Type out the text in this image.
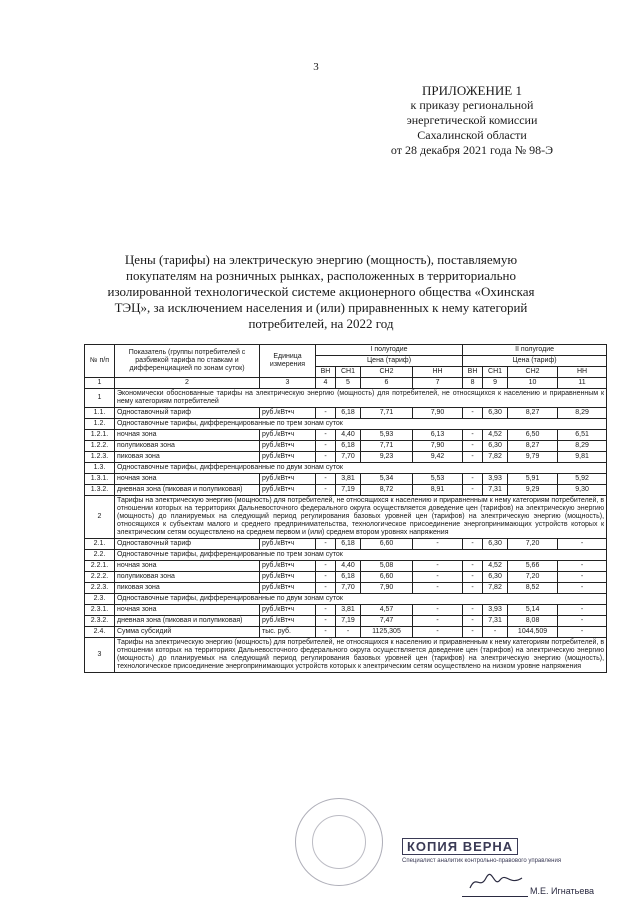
3
ПРИЛОЖЕНИЕ 1
к приказу региональной
энергетической комиссии
Сахалинской области
от 28 декабря 2021 года № 98-Э
Цены (тарифы) на электрическую энергию (мощность), поставляемую покупателям на розничных рынках, расположенных в территориально изолированной технологической системе акционерного общества «Охинская ТЭЦ», за исключением населения и (или) приравненных к нему категорий потребителей, на 2022 год
№ п/п	Показатель (группы потребителей с разбивкой тарифа по ставкам и дифференциацией по зонам суток)	Единица измерения	I полугодие				II полугодие			
			Цена (тариф)				Цена (тариф)			
			ВН	СН1	СН2	НН	ВН	СН1	СН2	НН
1	2	3	4	5	6	7	8	9	10	11
1	Экономически обоснованные тарифы на электрическую энергию (мощность) для потребителей, не относящихся к населению и приравненным к нему категориям потребителей									
1.1.	Одноставочный тариф	руб./кВт•ч	-	6,18	7,71	7,90	-	6,30	8,27	8,29
1.2.	Одноставочные тарифы, дифференцированные по трем зонам суток									
1.2.1.	ночная зона	руб./кВт•ч	-	4,40	5,93	6,13	-	4,52	6,50	6,51
1.2.2.	полупиковая зона	руб./кВт•ч	-	6,18	7,71	7,90	-	6,30	8,27	8,29
1.2.3.	пиковая зона	руб./кВт•ч	-	7,70	9,23	9,42	-	7,82	9,79	9,81
1.3.	Одноставочные тарифы, дифференцированные по двум зонам суток									
1.3.1.	ночная зона	руб./кВт•ч	-	3,81	5,34	5,53	-	3,93	5,91	5,92
1.3.2.	дневная зона (пиковая и полупиковая)	руб./кВт•ч	-	7,19	8,72	8,91	-	7,31	9,29	9,30
2	Тарифы на электрическую энергию (мощность) для потребителей, не относящихся к населению и приравненным к нему категориям потребителей, в отношении которых на территориях Дальневосточного федерального округа осуществляется доведение цен (тарифов) на электрическую энергию (мощность) до планируемых на следующий период регулирования базовых уровней цен (тарифов) на электрическую энергию (мощность), относящихся к субъектам малого и среднего предпринимательства, технологическое присоединение энергопринимающих устройств которых к электрическим сетям осуществлено на среднем первом и (или) среднем втором уровнях напряжения									
2.1.	Одноставочный тариф	руб./кВт•ч	-	6,18	6,60	-	-	6,30	7,20	-
2.2.	Одноставочные тарифы, дифференцированные по трем зонам суток									
2.2.1.	ночная зона	руб./кВт•ч	-	4,40	5,08	-	-	4,52	5,66	-
2.2.2.	полупиковая зона	руб./кВт•ч	-	6,18	6,60	-	-	6,30	7,20	-
2.2.3.	пиковая зона	руб./кВт•ч	-	7,70	7,90	-	-	7,82	8,52	-
2.3.	Одноставочные тарифы, дифференцированные по двум зонам суток									
2.3.1.	ночная зона	руб./кВт•ч	-	3,81	4,57	-	-	3,93	5,14	-
2.3.2.	дневная зона (пиковая и полупиковая)	руб./кВт•ч	-	7,19	7,47	-	-	7,31	8,08	-
2.4.	Сумма субсидий	тыс. руб.	-	-	1125,305	-	-	-	1044,509	-
3	Тарифы на электрическую энергию (мощность) для потребителей, не относящихся к населению и приравненным к нему категориям потребителей, в отношении которых на территориях Дальневосточного федерального округа осуществляется доведение цен (тарифов) на электрическую энергию (мощность) до планируемых на следующий период регулирования базовых уровней цен (тарифов) на электрическую энергию (мощность), технологическое присоединение энергопринимающих устройств которых к электрическим сетям осуществлено на низком уровне напряжения									
КОПИЯ ВЕРНА
Специалист аналитик контрольно-правового управления
М.Е. Игнатьева
